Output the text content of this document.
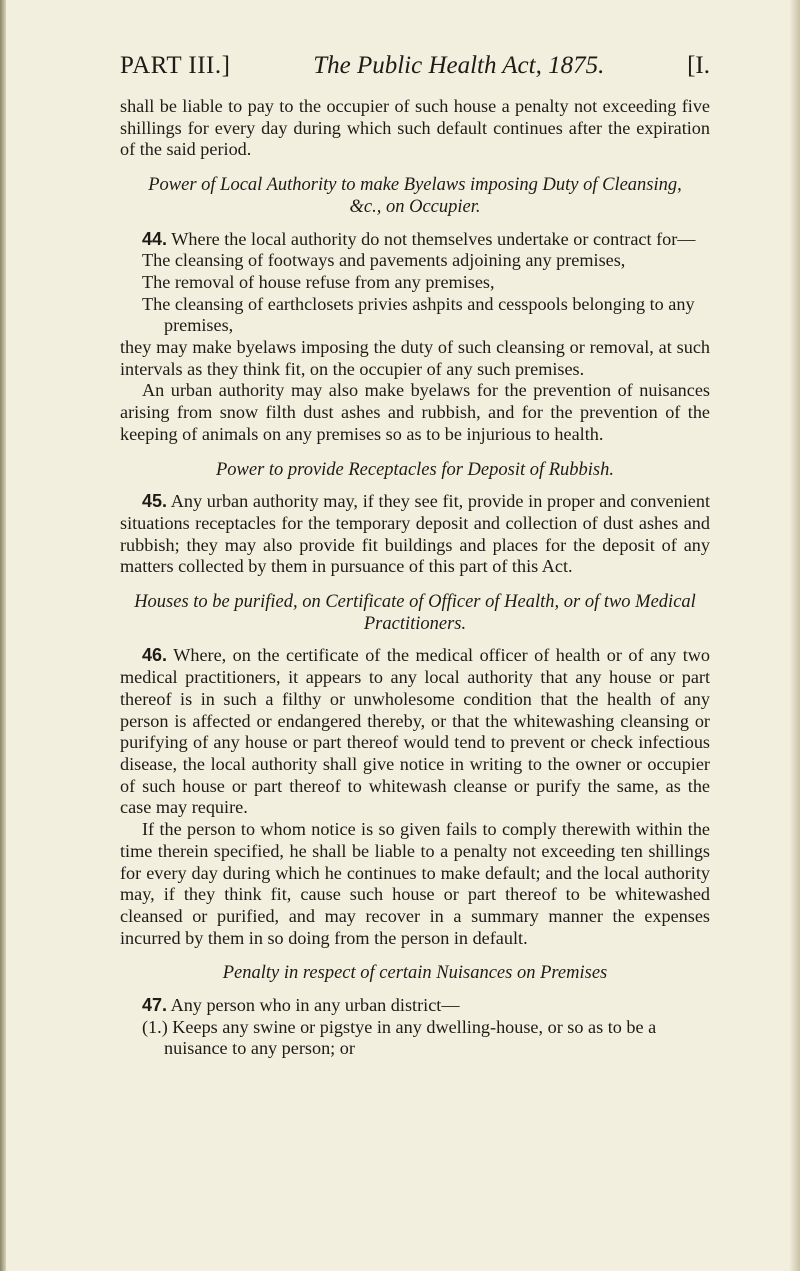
PART III.]	The Public Health Act, 1875.	[I.

shall be liable to pay to the occupier of such house a penalty not exceeding five shillings for every day during which such default continues after the expiration of the said period.

Power of Local Authority to make Byelaws imposing Duty of Cleansing, &c., on Occupier.

44. Where the local authority do not themselves undertake or contract for—

The cleansing of footways and pavements adjoining any premises,

The removal of house refuse from any premises,

The cleansing of earthclosets privies ashpits and cesspools belonging to any premises,

they may make byelaws imposing the duty of such cleansing or removal, at such intervals as they think fit, on the occupier of any such premises.

An urban authority may also make byelaws for the prevention of nuisances arising from snow filth dust ashes and rubbish, and for the prevention of the keeping of animals on any premises so as to be injurious to health.

Power to provide Receptacles for Deposit of Rubbish.

45. Any urban authority may, if they see fit, provide in proper and convenient situations receptacles for the temporary deposit and collection of dust ashes and rubbish; they may also provide fit buildings and places for the deposit of any matters collected by them in pursuance of this part of this Act.

Houses to be purified, on Certificate of Officer of Health, or of two Medical Practitioners.

46. Where, on the certificate of the medical officer of health or of any two medical practitioners, it appears to any local authority that any house or part thereof is in such a filthy or unwholesome condition that the health of any person is affected or endangered thereby, or that the whitewashing cleansing or purifying of any house or part thereof would tend to prevent or check infectious disease, the local authority shall give notice in writing to the owner or occupier of such house or part thereof to whitewash cleanse or purify the same, as the case may require.

If the person to whom notice is so given fails to comply therewith within the time therein specified, he shall be liable to a penalty not exceeding ten shillings for every day during which he continues to make default; and the local authority may, if they think fit, cause such house or part thereof to be whitewashed cleansed or purified, and may recover in a summary manner the expenses incurred by them in so doing from the person in default.

Penalty in respect of certain Nuisances on Premises

47. Any person who in any urban district—

(1.) Keeps any swine or pigstye in any dwelling-house, or so as to be a nuisance to any person; or
